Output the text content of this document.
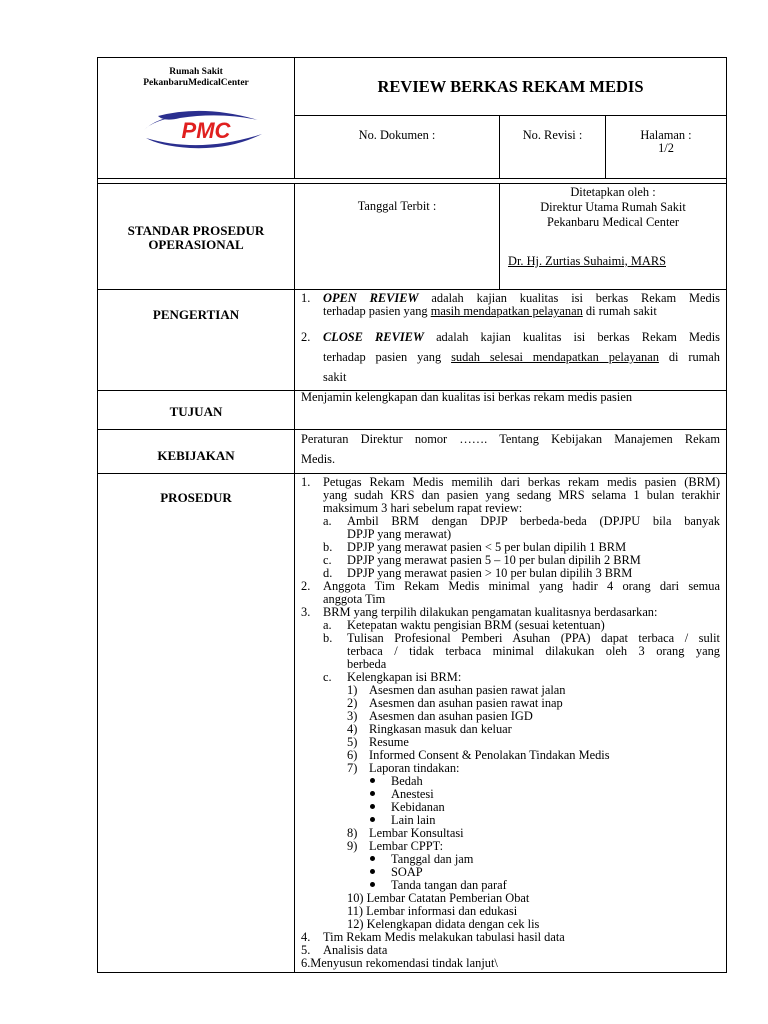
Rumah Sakit
PekanbaruMedicalCenter
PMC
REVIEW BERKAS REKAM MEDIS
No. Dokumen :	No. Revisi :	Halaman :
1/2
STANDAR PROSEDUR
OPERASIONAL
Tanggal Terbit :
Ditetapkan oleh :
Direktur Utama Rumah Sakit
Pekanbaru Medical Center
Dr. Hj. Zurtias Suhaimi, MARS
PENGERTIAN
1. OPEN REVIEW adalah kajian kualitas isi berkas Rekam Medis
terhadap pasien yang masih mendapatkan pelayanan di rumah sakit
2. CLOSE REVIEW adalah kajian kualitas isi berkas Rekam Medis
terhadap pasien yang sudah selesai mendapatkan pelayanan di rumah
sakit
TUJUAN
Menjamin kelengkapan dan kualitas isi berkas rekam medis pasien
KEBIJAKAN
Peraturan Direktur nomor ……. Tentang Kebijakan Manajemen Rekam
Medis.
PROSEDUR
1. Petugas Rekam Medis memilih dari berkas rekam medis pasien (BRM)
yang sudah KRS dan pasien yang sedang MRS selama 1 bulan terakhir
maksimum 3 hari sebelum rapat review:
a. Ambil BRM dengan DPJP berbeda-beda (DPJPU bila banyak
DPJP yang merawat)
b. DPJP yang merawat pasien < 5 per bulan dipilih 1 BRM
c. DPJP yang merawat pasien 5 – 10 per bulan dipilih 2 BRM
d. DPJP yang merawat pasien > 10 per bulan dipilih 3 BRM
2. Anggota Tim Rekam Medis minimal yang hadir 4 orang dari semua
anggota Tim
3. BRM yang terpilih dilakukan pengamatan kualitasnya berdasarkan:
a. Ketepatan waktu pengisian BRM (sesuai ketentuan)
b. Tulisan Profesional Pemberi Asuhan (PPA) dapat terbaca / sulit
terbaca / tidak terbaca minimal dilakukan oleh 3 orang yang
berbeda
c. Kelengkapan isi BRM:
1) Asesmen dan asuhan pasien rawat jalan
2) Asesmen dan asuhan pasien rawat inap
3) Asesmen dan asuhan pasien IGD
4) Ringkasan masuk dan keluar
5) Resume
6) Informed Consent & Penolakan Tindakan Medis
7) Laporan tindakan:
Bedah
Anestesi
Kebidanan
Lain lain
8) Lembar Konsultasi
9) Lembar CPPT:
Tanggal dan jam
SOAP
Tanda tangan dan paraf
10) Lembar Catatan Pemberian Obat
11) Lembar informasi dan edukasi
12) Kelengkapan didata dengan cek lis
4. Tim Rekam Medis melakukan tabulasi hasil data
5. Analisis data
6.Menyusun rekomendasi tindak lanjut\
